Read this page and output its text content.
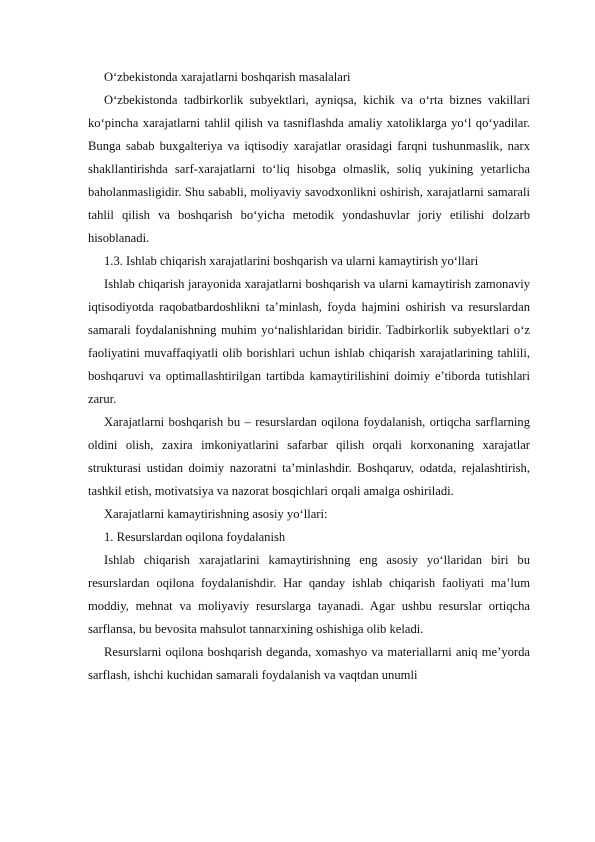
O‘zbekistonda xarajatlarni boshqarish masalalari

O‘zbekistonda tadbirkorlik subyektlari, ayniqsa, kichik va o‘rta biznes vakillari ko‘pincha xarajatlarni tahlil qilish va tasniflashda amaliy xatoliklarga yo‘l qo‘yadilar. Bunga sabab buxgalteriya va iqtisodiy xarajatlar orasidagi farqni tushunmaslik, narx shakllantirishda sarf-xarajatlarni to‘liq hisobga olmaslik, soliq yukining yetarlicha baholanmasligidir. Shu sababli, moliyaviy savodxonlikni oshirish, xarajatlarni samarali tahlil qilish va boshqarish bo‘yicha metodik yondashuvlar joriy etilishi dolzarb hisoblanadi.

1.3. Ishlab chiqarish xarajatlarini boshqarish va ularni kamaytirish yo‘llari

Ishlab chiqarish jarayonida xarajatlarni boshqarish va ularni kamaytirish zamonaviy iqtisodiyotda raqobatbardoshlikni ta’minlash, foyda hajmini oshirish va resurslardan samarali foydalanishning muhim yo‘nalishlaridan biridir. Tadbirkorlik subyektlari o‘z faoliyatini muvaffaqiyatli olib borishlari uchun ishlab chiqarish xarajatlarining tahlili, boshqaruvi va optimallashtirilgan tartibda kamaytirilishini doimiy e’tiborda tutishlari zarur.

Xarajatlarni boshqarish bu – resurslardan oqilona foydalanish, ortiqcha sarflarning oldini olish, zaxira imkoniyatlarini safarbar qilish orqali korxonaning xarajatlar strukturasi ustidan doimiy nazoratni ta’minlashdir. Boshqaruv, odatda, rejalashtirish, tashkil etish, motivatsiya va nazorat bosqichlari orqali amalga oshiriladi.

Xarajatlarni kamaytirishning asosiy yo‘llari:

1. Resurslardan oqilona foydalanish

Ishlab chiqarish xarajatlarini kamaytirishning eng asosiy yo‘llaridan biri bu resurslardan oqilona foydalanishdir. Har qanday ishlab chiqarish faoliyati ma’lum moddiy, mehnat va moliyaviy resurslarga tayanadi. Agar ushbu resurslar ortiqcha sarflansa, bu bevosita mahsulot tannarxining oshishiga olib keladi.

Resurslarni oqilona boshqarish deganda, xomashyo va materiallarni aniq me’yorda sarflash, ishchi kuchidan samarali foydalanish va vaqtdan unumli
